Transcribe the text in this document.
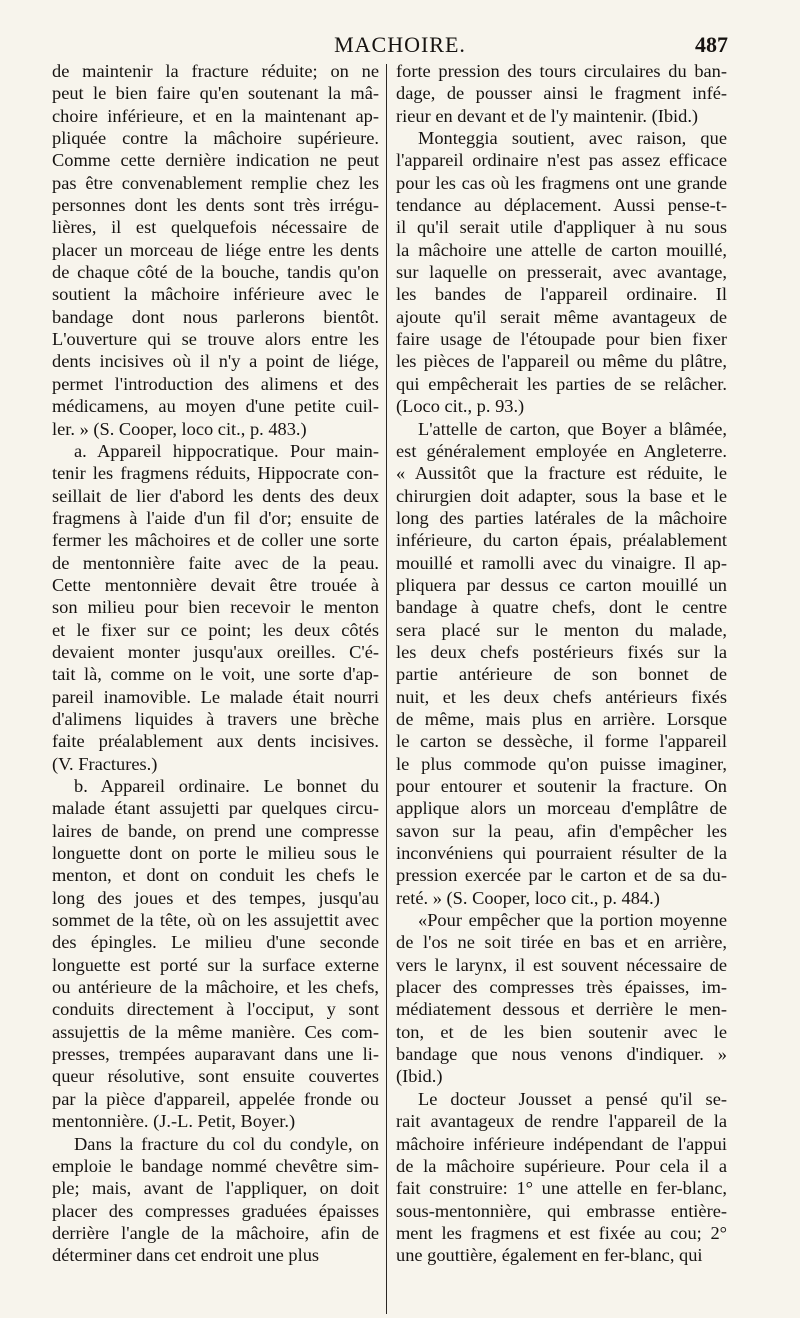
MACHOIRE.	487
de maintenir la fracture réduite; on ne
peut le bien faire qu'en soutenant la mâ-
choire inférieure, et en la maintenant ap-
pliquée contre la mâchoire supérieure.
Comme cette dernière indication ne peut
pas être convenablement remplie chez les
personnes dont les dents sont très irrégu-
lières, il est quelquefois nécessaire de
placer un morceau de liége entre les dents
de chaque côté de la bouche, tandis qu'on
soutient la mâchoire inférieure avec le
bandage dont nous parlerons bientôt.
L'ouverture qui se trouve alors entre les
dents incisives où il n'y a point de liége,
permet l'introduction des alimens et des
médicamens, au moyen d'une petite cuil-
ler. » (S. Cooper, loco cit., p. 483.)
a. Appareil hippocratique. Pour main-
tenir les fragmens réduits, Hippocrate con-
seillait de lier d'abord les dents des deux
fragmens à l'aide d'un fil d'or; ensuite de
fermer les mâchoires et de coller une sorte
de mentonnière faite avec de la peau.
Cette mentonnière devait être trouée à
son milieu pour bien recevoir le menton
et le fixer sur ce point; les deux côtés
devaient monter jusqu'aux oreilles. C'é-
tait là, comme on le voit, une sorte d'ap-
pareil inamovible. Le malade était nourri
d'alimens liquides à travers une brèche
faite préalablement aux dents incisives.
(V. Fractures.)
b. Appareil ordinaire. Le bonnet du
malade étant assujetti par quelques circu-
laires de bande, on prend une compresse
longuette dont on porte le milieu sous le
menton, et dont on conduit les chefs le
long des joues et des tempes, jusqu'au
sommet de la tête, où on les assujettit avec
des épingles. Le milieu d'une seconde
longuette est porté sur la surface externe
ou antérieure de la mâchoire, et les chefs,
conduits directement à l'occiput, y sont
assujettis de la même manière. Ces com-
presses, trempées auparavant dans une li-
queur résolutive, sont ensuite couvertes
par la pièce d'appareil, appelée fronde ou
mentonnière. (J.-L. Petit, Boyer.)
Dans la fracture du col du condyle, on
emploie le bandage nommé chevêtre sim-
ple; mais, avant de l'appliquer, on doit
placer des compresses graduées épaisses
derrière l'angle de la mâchoire, afin de
déterminer dans cet endroit une plus
forte pression des tours circulaires du ban-
dage, de pousser ainsi le fragment infé-
rieur en devant et de l'y maintenir. (Ibid.)
Monteggia soutient, avec raison, que
l'appareil ordinaire n'est pas assez efficace
pour les cas où les fragmens ont une grande
tendance au déplacement. Aussi pense-t-
il qu'il serait utile d'appliquer à nu sous
la mâchoire une attelle de carton mouillé,
sur laquelle on presserait, avec avantage,
les bandes de l'appareil ordinaire. Il
ajoute qu'il serait même avantageux de
faire usage de l'étoupade pour bien fixer
les pièces de l'appareil ou même du plâtre,
qui empêcherait les parties de se relâcher.
(Loco cit., p. 93.)
L'attelle de carton, que Boyer a blâmée,
est généralement employée en Angleterre.
« Aussitôt que la fracture est réduite, le
chirurgien doit adapter, sous la base et le
long des parties latérales de la mâchoire
inférieure, du carton épais, préalablement
mouillé et ramolli avec du vinaigre. Il ap-
pliquera par dessus ce carton mouillé un
bandage à quatre chefs, dont le centre
sera placé sur le menton du malade,
les deux chefs postérieurs fixés sur la
partie antérieure de son bonnet de
nuit, et les deux chefs antérieurs fixés
de même, mais plus en arrière. Lorsque
le carton se dessèche, il forme l'appareil
le plus commode qu'on puisse imaginer,
pour entourer et soutenir la fracture. On
applique alors un morceau d'emplâtre de
savon sur la peau, afin d'empêcher les
inconvéniens qui pourraient résulter de la
pression exercée par le carton et de sa du-
reté. » (S. Cooper, loco cit., p. 484.)
«Pour empêcher que la portion moyenne
de l'os ne soit tirée en bas et en arrière,
vers le larynx, il est souvent nécessaire de
placer des compresses très épaisses, im-
médiatement dessous et derrière le men-
ton, et de les bien soutenir avec le
bandage que nous venons d'indiquer. »
(Ibid.)
Le docteur Jousset a pensé qu'il se-
rait avantageux de rendre l'appareil de la
mâchoire inférieure indépendant de l'appui
de la mâchoire supérieure. Pour cela il a
fait construire: 1° une attelle en fer-blanc,
sous-mentonnière, qui embrasse entière-
ment les fragmens et est fixée au cou; 2°
une gouttière, également en fer-blanc, qui
